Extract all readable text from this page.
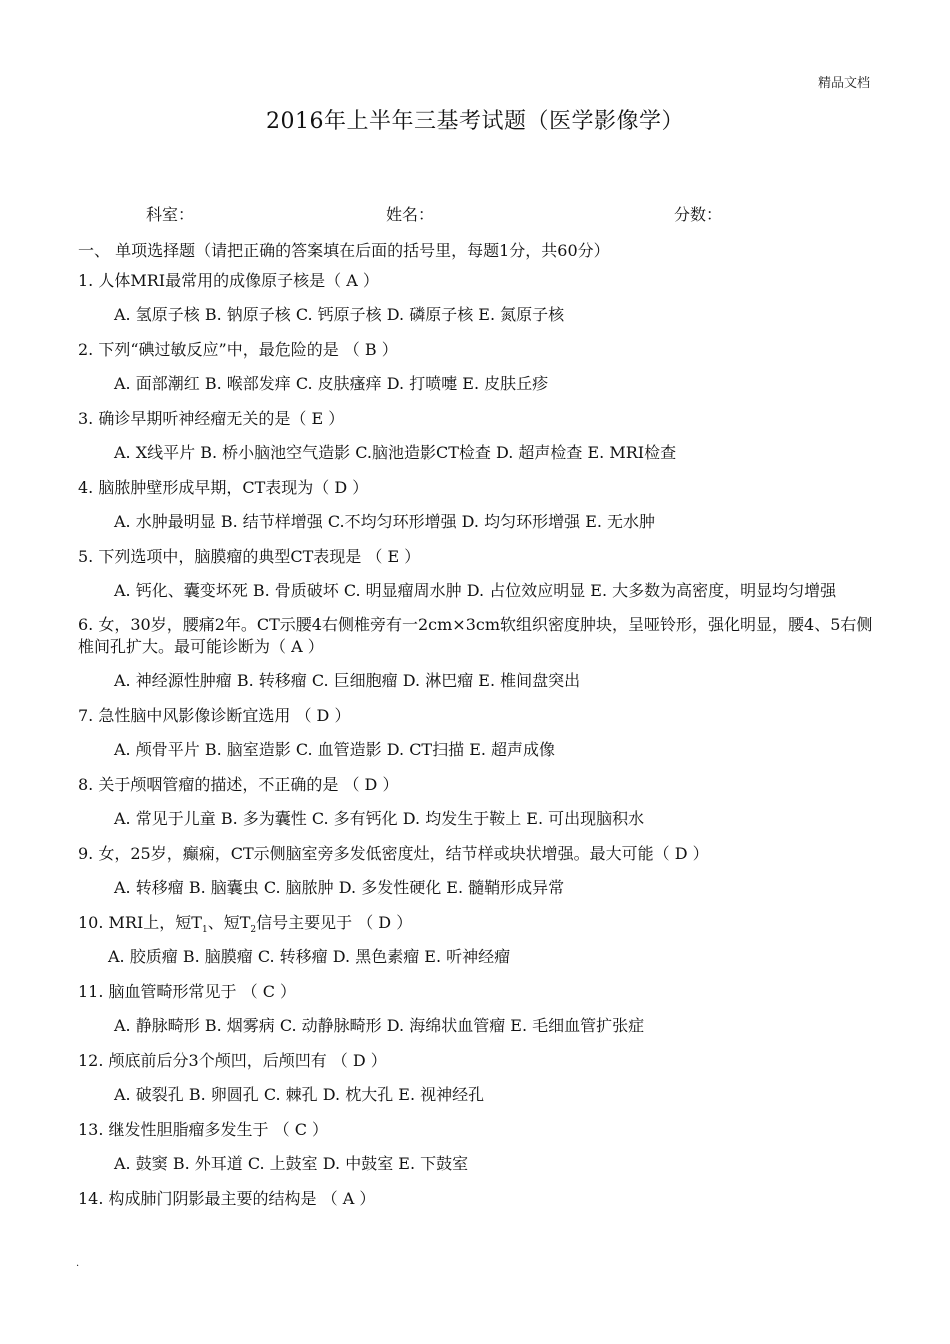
精品文档
2016年上半年三基考试题（医学影像学）
科室：	姓名：	分数：
一、 单项选择题（请把正确的答案填在后面的括号里，每题1分，共60分）
1. 人体MRI最常用的成像原子核是（ A ）
A. 氢原子核 B. 钠原子核 C. 钙原子核 D. 磷原子核 E. 氮原子核
2. 下列“碘过敏反应”中，最危险的是 （ B ）
A. 面部潮红 B. 喉部发痒 C. 皮肤瘙痒 D. 打喷嚏 E. 皮肤丘疹
3. 确诊早期听神经瘤无关的是（ E ）
A. X线平片 B. 桥小脑池空气造影 C.脑池造影CT检查 D. 超声检查 E. MRI检查
4. 脑脓肿壁形成早期，CT表现为（ D ）
A. 水肿最明显 B. 结节样增强 C.不均匀环形增强 D. 均匀环形增强 E. 无水肿
5. 下列选项中，脑膜瘤的典型CT表现是 （ E ）
A. 钙化、囊变坏死 B. 骨质破坏 C. 明显瘤周水肿 D. 占位效应明显 E. 大多数为高密度，明显均匀增强
6. 女，30岁，腰痛2年。CT示腰4右侧椎旁有一2cm×3cm软组织密度肿块，呈哑铃形，强化明显，腰4、5右侧椎间孔扩大。最可能诊断为（ A ）
A. 神经源性肿瘤 B. 转移瘤 C. 巨细胞瘤 D. 淋巴瘤 E. 椎间盘突出
7. 急性脑中风影像诊断宜选用 （ D ）
A. 颅骨平片 B. 脑室造影 C. 血管造影 D. CT扫描 E. 超声成像
8. 关于颅咽管瘤的描述，不正确的是 （ D ）
A. 常见于儿童 B. 多为囊性 C. 多有钙化 D. 均发生于鞍上 E. 可出现脑积水
9. 女，25岁，癫痫，CT示侧脑室旁多发低密度灶，结节样或块状增强。最大可能（ D ）
A. 转移瘤 B. 脑囊虫 C. 脑脓肿 D. 多发性硬化 E. 髓鞘形成异常
10. MRI上，短$T_1$、短$T_2$信号主要见于 （ D ）
A. 胶质瘤 B. 脑膜瘤 C. 转移瘤 D. 黑色素瘤 E. 听神经瘤
11. 脑血管畸形常见于 （ C ）
A. 静脉畸形 B. 烟雾病 C. 动静脉畸形 D. 海绵状血管瘤 E. 毛细血管扩张症
12. 颅底前后分3个颅凹，后颅凹有 （ D ）
A. 破裂孔 B. 卵圆孔 C. 棘孔 D. 枕大孔 E. 视神经孔
13. 继发性胆脂瘤多发生于 （ C ）
A. 鼓窦 B. 外耳道 C. 上鼓室 D. 中鼓室 E. 下鼓室
14. 构成肺门阴影最主要的结构是 （ A ）
.
